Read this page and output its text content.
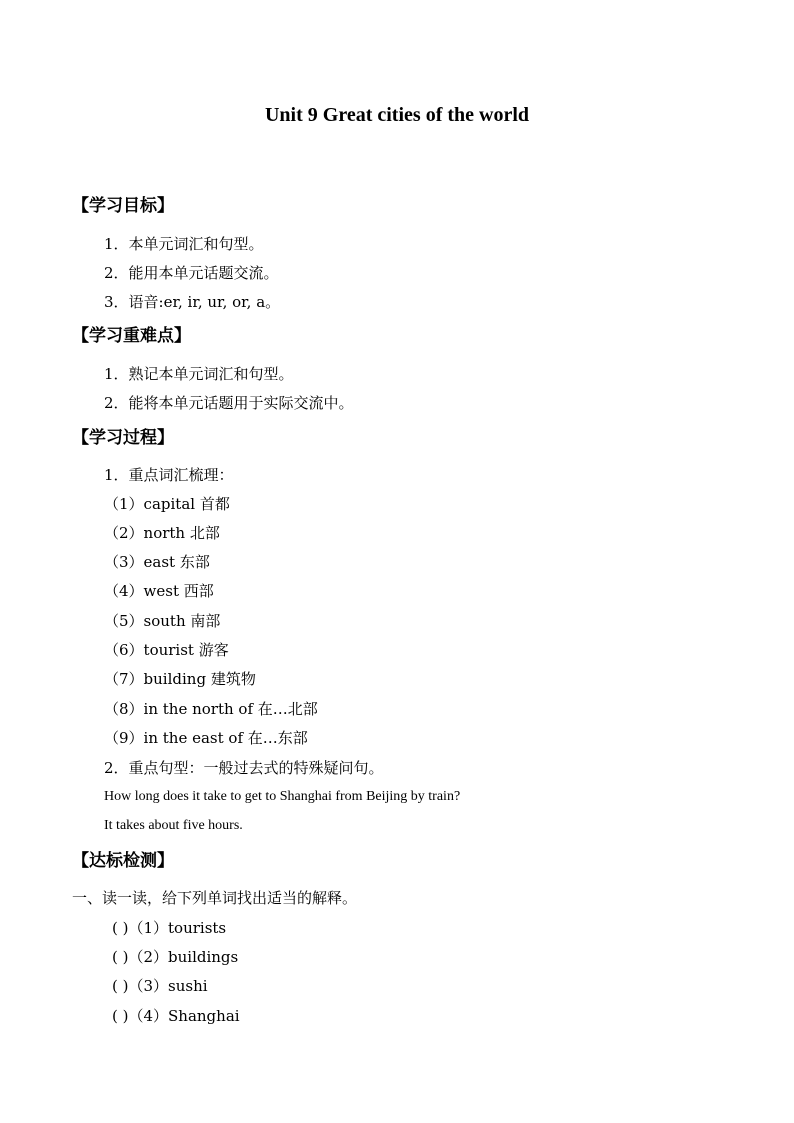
Unit 9 Great cities of the world
【学习目标】
1．本单元词汇和句型。
2．能用本单元话题交流。
3．语音:er, ir, ur, or, a。
【学习重难点】
1．熟记本单元词汇和句型。
2．能将本单元话题用于实际交流中。
【学习过程】
1．重点词汇梳理：
（1）capital 首都
（2）north 北部
（3）east 东部
（4）west 西部
（5）south 南部
（6）tourist 游客
（7）building 建筑物
（8）in the north of 在…北部
（9）in the east of 在…东部
2．重点句型：一般过去式的特殊疑问句。
How long does it take to get to Shanghai from Beijing by train?
It takes about five hours.
【达标检测】
一、读一读，给下列单词找出适当的解释。
( )（1）tourists
( )（2）buildings
( )（3）sushi
( )（4）Shanghai
